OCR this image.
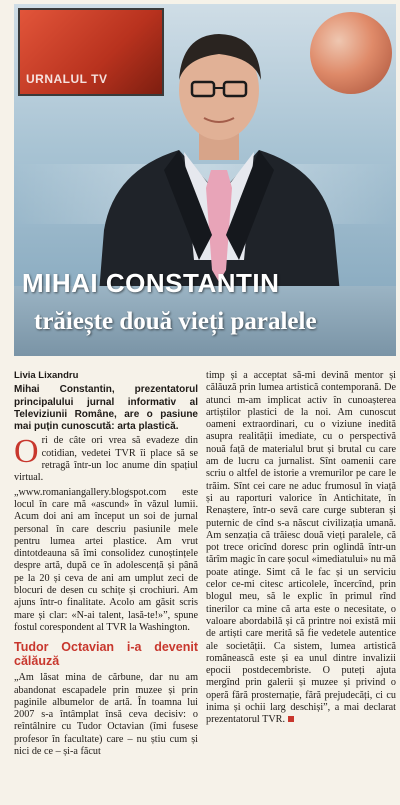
URNALUL TV
MIHAI CONSTANTIN
trăiește două vieți paralele

Livia Lixandru

Mihai Constantin, prezentatorul principalului jurnal informativ al Televiziunii Române, are o pasiune mai puțin cunoscută: arta plastică.

Ori de câte ori vrea să evadeze din cotidian, vedetei TVR îi place să se retragă într-un loc anume din spațiul virtual.

„www.romaniangallery.blogspot.com este locul în care mă «ascund» în văzul lumii. Acum doi ani am început un soi de jurnal personal în care descriu pasiunile mele pentru lumea artei plastice. Am vrut dintotdeauna să îmi consolidez cunoștințele despre artă, după ce în adolescență și până pe la 20 și ceva de ani am umplut zeci de blocuri de desen cu schițe și crochiuri. Am ajuns într-o finalitate. Acolo am găsit scris mare și clar: «N-ai talent, lasă-te!»”, spune fostul corespondent al TVR la Washington.

Tudor Octavian i-a devenit călăuză

„Am lăsat mina de cărbune, dar nu am abandonat escapadele prin muzee și prin paginile albumelor de artă. În toamna lui 2007 s-a întâmplat însă ceva decisiv: o reîntâlnire cu Tudor Octavian (îmi fusese profesor în facultate) care – nu știu cum și nici de ce – și-a făcut

timp și a acceptat să-mi devină mentor și călăuză prin lumea artistică contemporană. De atunci m-am implicat activ în cunoașterea artiștilor plastici de la noi. Am cunoscut oameni extraordinari, cu o viziune inedită asupra realității imediate, cu o perspectivă nouă față de materialul brut și brutal cu care am de lucru ca jurnalist. Sînt oamenii care scriu o altfel de istorie a vremurilor pe care le trăim. Sînt cei care ne aduc frumosul în viață și au raporturi valorice în Antichitate, în Renaștere, într-o sevă care curge subteran și puternic de cînd s-a născut civilizația umană. Am senzația că trăiesc două vieți paralele, că pot trece oricînd doresc prin oglindă într-un tărîm magic în care șocul «imediatului» nu mă poate atinge. Simt că le fac și un serviciu celor ce-mi citesc articolele, încercînd, prin blogul meu, să le explic în primul rînd tinerilor ca mine că arta este o necesitate, o valoare abordabilă și că printre noi există mii de artiști care merită să fie vedetele autentice ale societății. Ca sistem, lumea artistică românească este și ea unul dintre invalizii epocii postdecembriste. O puteți ajuta mergînd prin galerii și muzee și privind o operă fără prosternație, fără prejudecăți, ci cu inima și ochii larg deschiși”, a mai declarat prezentatorul TVR.
